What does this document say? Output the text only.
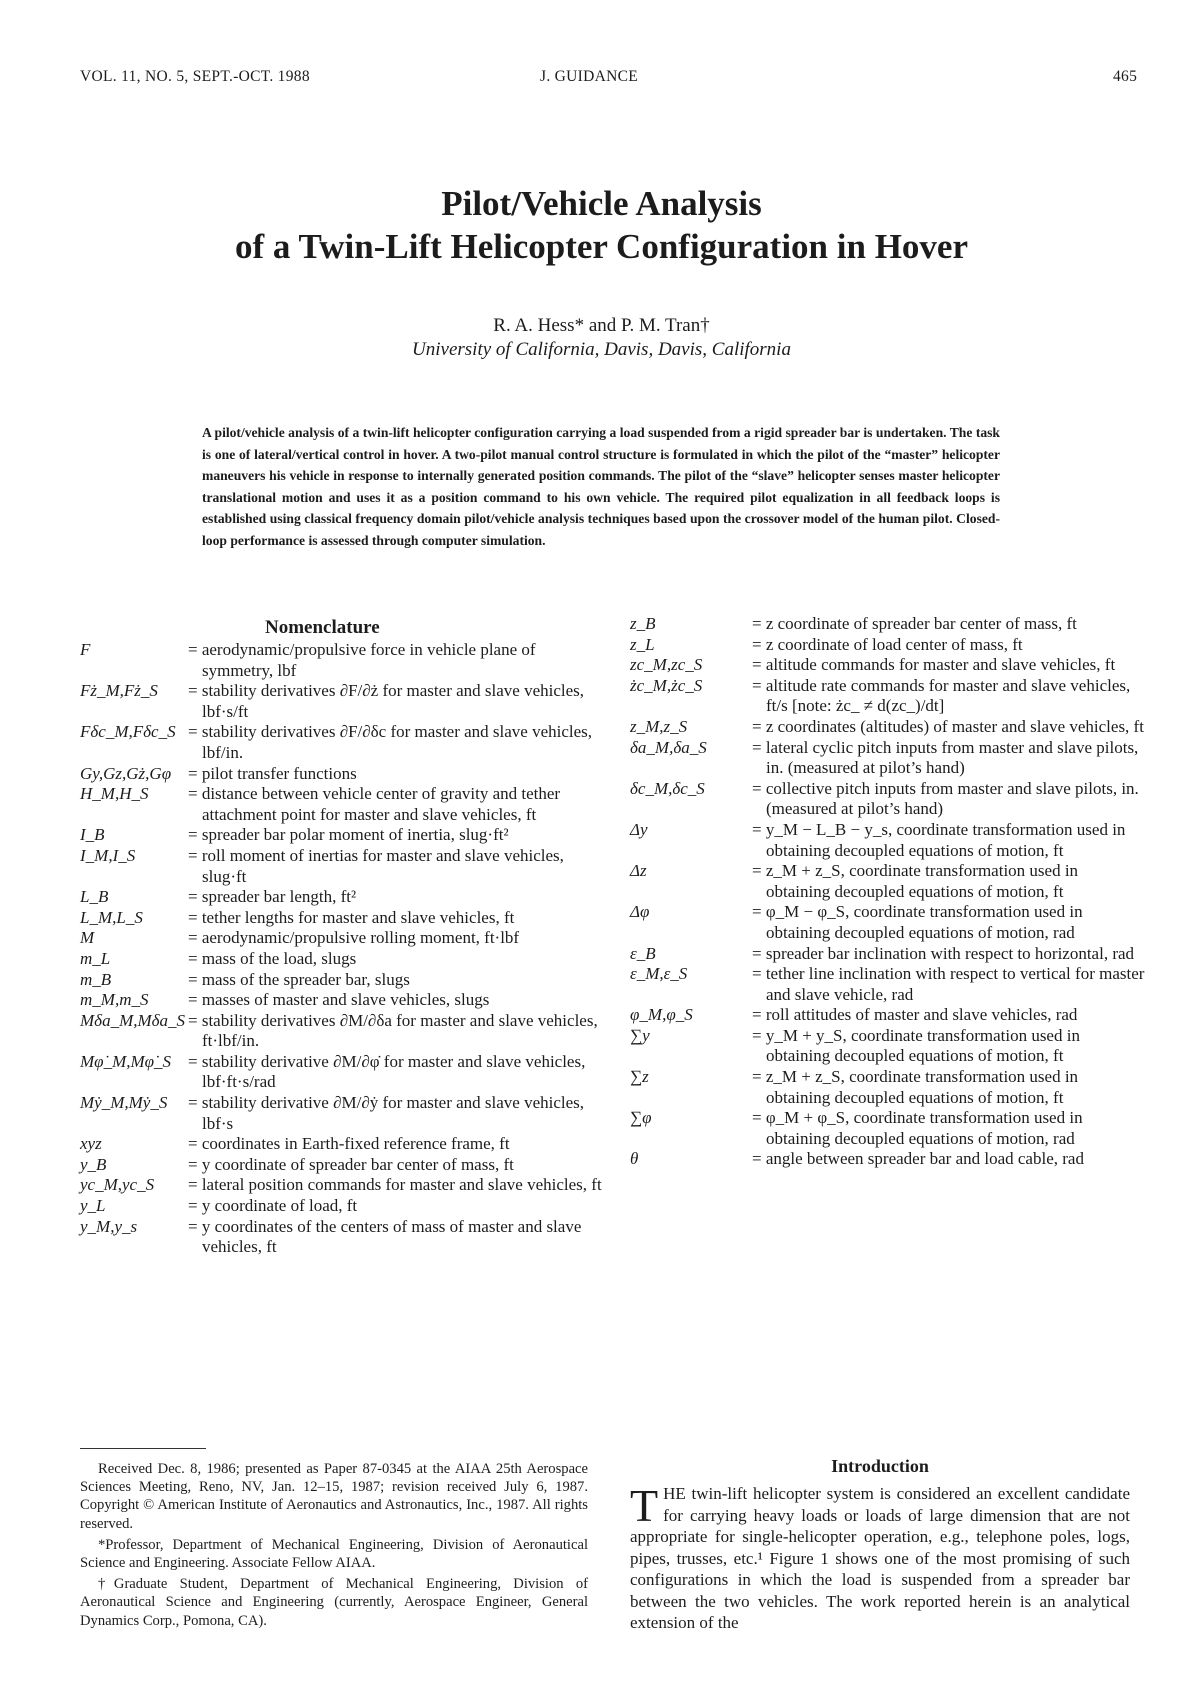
VOL. 11, NO. 5, SEPT.-OCT. 1988	J. GUIDANCE	465
Pilot/Vehicle Analysis
of a Twin-Lift Helicopter Configuration in Hover
R. A. Hess* and P. M. Tran†
University of California, Davis, Davis, California
A pilot/vehicle analysis of a twin-lift helicopter configuration carrying a load suspended from a rigid spreader bar is undertaken. The task is one of lateral/vertical control in hover. A two-pilot manual control structure is formulated in which the pilot of the “master” helicopter maneuvers his vehicle in response to internally generated position commands. The pilot of the “slave” helicopter senses master helicopter translational motion and uses it as a position command to his own vehicle. The required pilot equalization in all feedback loops is established using classical frequency domain pilot/vehicle analysis techniques based upon the crossover model of the human pilot. Closed-loop performance is assessed through computer simulation.
Nomenclature
F	= aerodynamic/propulsive force in vehicle plane of symmetry, lbf
Fż_M,Fż_S	= stability derivatives ∂F/∂ż for master and slave vehicles, lbf·s/ft
Fδc_M,Fδc_S = stability derivatives ∂F/∂δc for master and slave vehicles, lbf/in.
Gy,Gz,Gż,Gφ = pilot transfer functions
H_M,H_S	= distance between vehicle center of gravity and tether attachment point for master and slave vehicles, ft
I_B	= spreader bar polar moment of inertia, slug·ft²
I_M,I_S	= roll moment of inertias for master and slave vehicles, slug·ft
L_B	= spreader bar length, ft²
L_M,L_S	= tether lengths for master and slave vehicles, ft
M	= aerodynamic/propulsive rolling moment, ft·lbf
m_L	= mass of the load, slugs
m_B	= mass of the spreader bar, slugs
m_M,m_S	= masses of master and slave vehicles, slugs
Mδa_M,Mδa_S = stability derivatives ∂M/∂δa for master and slave vehicles, ft·lbf/in.
Mφ̇_M,Mφ̇_S = stability derivative ∂M/∂φ̇ for master and slave vehicles, lbf·ft·s/rad
Mẏ_M,Mẏ_S	= stability derivative ∂M/∂ẏ for master and slave vehicles, lbf·s
xyz	= coordinates in Earth-fixed reference frame, ft
y_B	= y coordinate of spreader bar center of mass, ft
yc_M,yc_S	= lateral position commands for master and slave vehicles, ft
y_L	= y coordinate of load, ft
y_M,y_s	= y coordinates of the centers of mass of master and slave vehicles, ft
z_B	= z coordinate of spreader bar center of mass, ft
z_L	= z coordinate of load center of mass, ft
zc_M,zc_S	= altitude commands for master and slave vehicles, ft
żc_M,żc_S	= altitude rate commands for master and slave vehicles, ft/s [note: żc_ ≠ d(zc_)/dt]
z_M,z_S	= z coordinates (altitudes) of master and slave vehicles, ft
δa_M,δa_S	= lateral cyclic pitch inputs from master and slave pilots, in. (measured at pilot’s hand)
δc_M,δc_S	= collective pitch inputs from master and slave pilots, in. (measured at pilot’s hand)
Δy	= y_M − L_B − y_s, coordinate transformation used in obtaining decoupled equations of motion, ft
Δz	= z_M + z_S, coordinate transformation used in obtaining decoupled equations of motion, ft
Δφ	= φ_M − φ_S, coordinate transformation used in obtaining decoupled equations of motion, rad
ε_B	= spreader bar inclination with respect to horizontal, rad
ε_M,ε_S	= tether line inclination with respect to vertical for master and slave vehicle, rad
φ_M,φ_S	= roll attitudes of master and slave vehicles, rad
∑y	= y_M + y_S, coordinate transformation used in obtaining decoupled equations of motion, ft
∑z	= z_M + z_S, coordinate transformation used in obtaining decoupled equations of motion, ft
∑φ	= φ_M + φ_S, coordinate transformation used in obtaining decoupled equations of motion, rad
θ	= angle between spreader bar and load cable, rad

Received Dec. 8, 1986; presented as Paper 87-0345 at the AIAA 25th Aerospace Sciences Meeting, Reno, NV, Jan. 12–15, 1987; revision received July 6, 1987. Copyright © American Institute of Aeronautics and Astronautics, Inc., 1987. All rights reserved.

*Professor, Department of Mechanical Engineering, Division of Aeronautical Science and Engineering. Associate Fellow AIAA.

†Graduate Student, Department of Mechanical Engineering, Division of Aeronautical Science and Engineering (currently, Aerospace Engineer, General Dynamics Corp., Pomona, CA).

Introduction
THE twin-lift helicopter system is considered an excellent candidate for carrying heavy loads or loads of large dimension that are not appropriate for single-helicopter operation, e.g., telephone poles, logs, pipes, trusses, etc.¹ Figure 1 shows one of the most promising of such configurations in which the load is suspended from a spreader bar between the two vehicles. The work reported herein is an analytical extension of the
